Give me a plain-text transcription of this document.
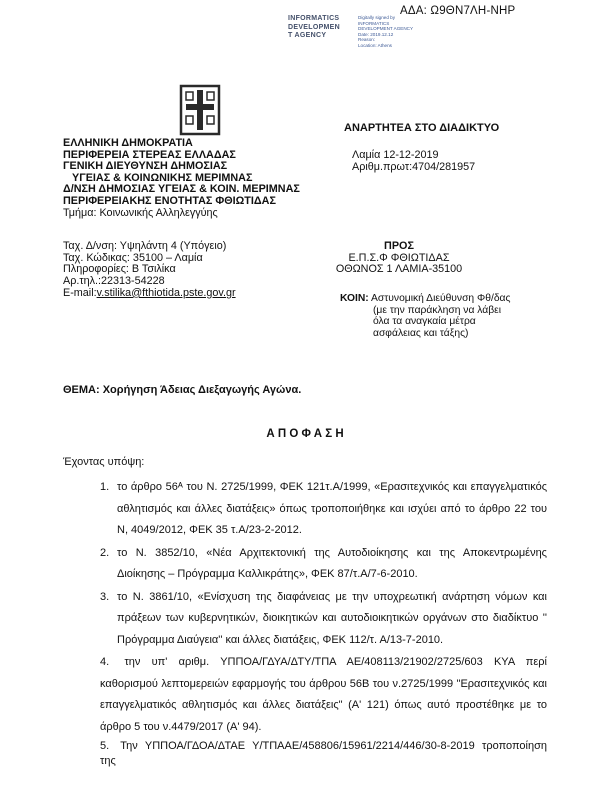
ΑΔΑ: Ω9ΘΝ7ΛΗ-ΝΗΡ
INFORMATICS
DEVELOPMEN
T AGENCY
Digitally signed by
INFORMATICS
DEVELOPMENT AGENCY
Date: 2019.12.12
Reason:
Location: Athens
ΑΝΑΡΤΗΤΕΑ ΣΤΟ ΔΙΑΔΙΚΤΥΟ
ΕΛΛΗΝΙΚΗ ΔΗΜΟΚΡΑΤΙΑ
ΠΕΡΙΦΕΡΕΙΑ ΣΤΕΡΕΑΣ ΕΛΛΑΔΑΣ
ΓΕΝΙΚΗ ΔΙΕΥΘΥΝΣΗ ΔΗΜΟΣΙΑΣ
ΥΓΕΙΑΣ & ΚΟΙΝΩΝΙΚΗΣ ΜΕΡΙΜΝΑΣ
Δ/ΝΣΗ ΔΗΜΟΣΙΑΣ ΥΓΕΙΑΣ & ΚΟΙΝ. ΜΕΡΙΜΝΑΣ
ΠΕΡΙΦΕΡΕΙΑΚΗΣ ΕΝΟΤΗΤΑΣ ΦΘΙΩΤΙΔΑΣ
Τμήμα: Κοινωνικής Αλληλεγγύης
Λαμία 12-12-2019
Αριθμ.πρωτ:4704/281957
Ταχ. Δ/νση: Υψηλάντη 4 (Υπόγειο)
Ταχ. Κώδικας: 35100 – Λαμία
Πληροφορίες: Β Τσιλίκα
Αρ.τηλ.:22313-54228
E-mail:v.stilika@fthiotida.pste.gov.gr
ΠΡΟΣ
Ε.Π.Σ.Φ ΦΘΙΩΤΙΔΑΣ
ΟΘΩΝΟΣ 1 ΛΑΜΙΑ-35100
ΚΟΙΝ: Αστυνομική Διεύθυνση Φθ/δας
(με την παράκληση να λάβει
όλα τα αναγκαία μέτρα
ασφάλειας και τάξης)
ΘΕΜΑ: Χορήγηση Άδειας Διεξαγωγής Αγώνα.
Α Π Ο Φ Α Σ Η
Έχοντας υπόψη:
1. το άρθρο 56ᴬ του Ν. 2725/1999, ΦΕΚ 121τ.Α/1999, «Ερασιτεχνικός και επαγγελματικός αθλητισμός και άλλες διατάξεις» όπως τροποποιήθηκε και ισχύει από το άρθρο 22 του Ν, 4049/2012, ΦΕΚ 35 τ.Α/23-2-2012.
2. το Ν. 3852/10, «Νέα Αρχιτεκτονική της Αυτοδιοίκησης και της Αποκεντρωμένης Διοίκησης – Πρόγραμμα Καλλικράτης», ΦΕΚ 87/τ.Α/7-6-2010.
3. το Ν. 3861/10, «Ενίσχυση της διαφάνειας με την υποχρεωτική ανάρτηση νόμων και πράξεων των κυβερνητικών, διοικητικών και αυτοδιοικητικών οργάνων στο διαδίκτυο '' Πρόγραμμα Διαύγεια'' και άλλες διατάξεις, ΦΕΚ 112/τ. Α/13-7-2010.
4. την υπ' αριθμ. ΥΠΠΟΑ/ΓΔΥΑ/ΔΤΥ/ΤΠΑ ΑΕ/408113/21902/2725/603 ΚΥΑ περί καθορισμού λεπτομερειών εφαρμογής του άρθρου 56Β του ν.2725/1999 "Ερασιτεχνικός και επαγγελματικός αθλητισμός και άλλες διατάξεις" (Α' 121) όπως αυτό προστέθηκε με το άρθρο 5 του ν.4479/2017 (Α' 94).
5. Την ΥΠΠΟΑ/ΓΔΟΑ/ΔΤΑΕ Υ/ΤΠΑΑΕ/458806/15961/2214/446/30-8-2019 τροποποίηση της
